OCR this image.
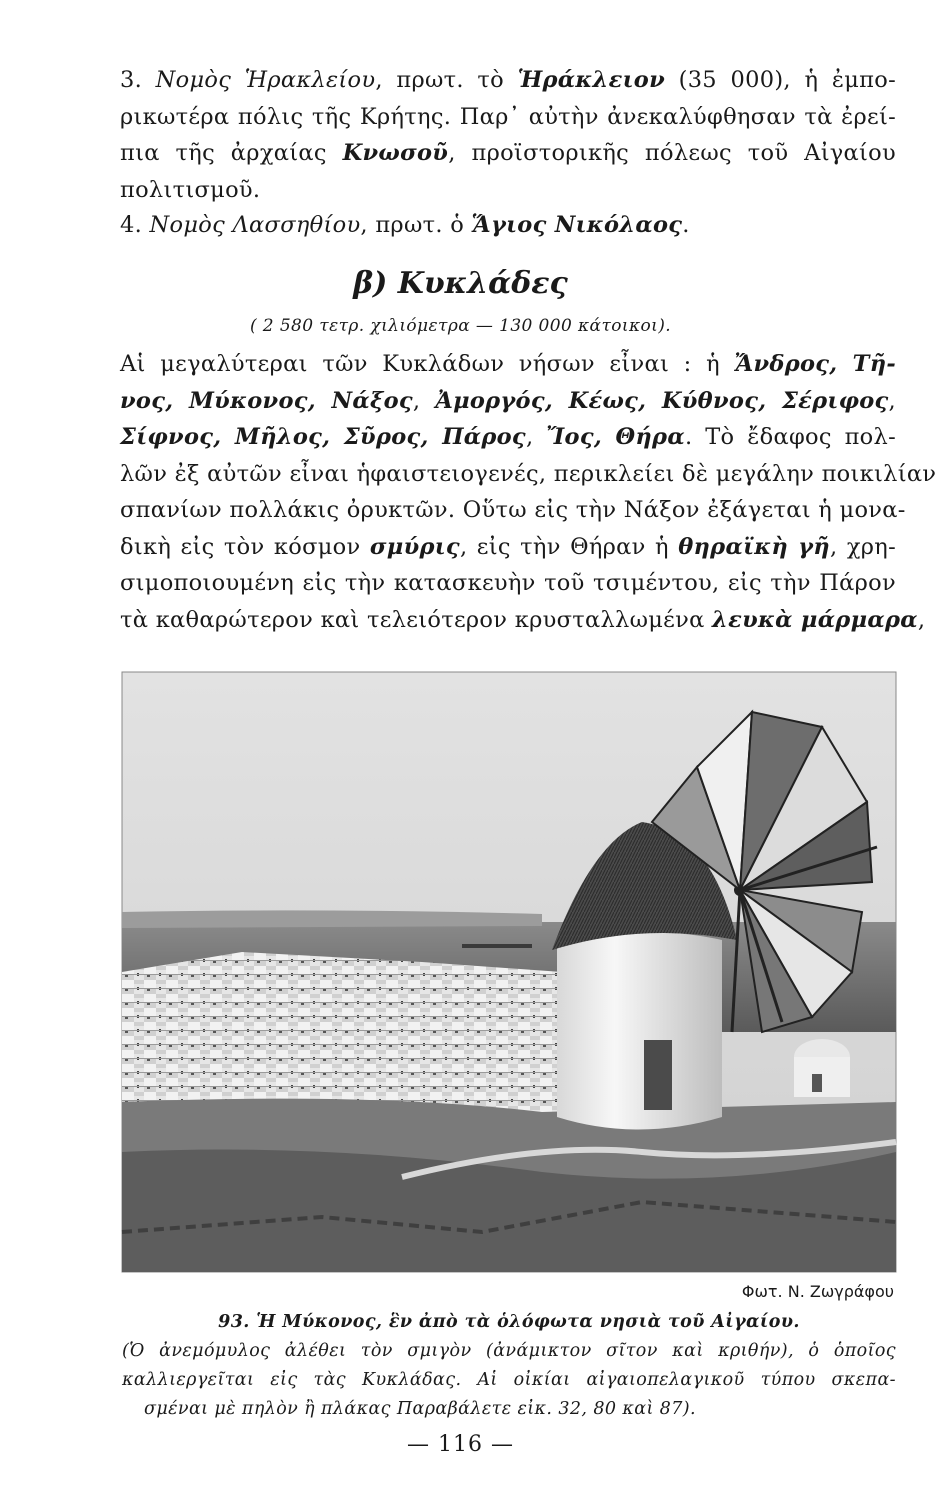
3. Νομὸς Ἡρακλείου, πρωτ. τὸ Ἡράκλειον (35 000), ἡ ἐμπο-
ρικωτέρα πόλις τῆς Κρήτης. Παρ᾿ αὐτὴν ἀνεκαλύφθησαν τὰ ἐρεί-
πια τῆς ἀρχαίας Κνωσοῦ, προϊστορικῆς πόλεως τοῦ Αἰγαίου
πολιτισμοῦ.
4. Νομὸς Λασσηθίου, πρωτ. ὁ Ἅγιος Νικόλαος.
β) Κυκλάδες
( 2 580 τετρ. χιλιόμετρα — 130 000 κάτοικοι).
Αἱ μεγαλύτεραι τῶν Κυκλάδων νήσων εἶναι : ἡ Ἄνδρος, Τῆ-
νος, Μύκονος, Νάξος, Ἀμοργός, Κέως, Κύθνος, Σέριφος,
Σίφνος, Μῆλος, Σῦρος, Πάρος, Ἴος, Θήρα. Τὸ ἔδαφος πολ-
λῶν ἐξ αὐτῶν εἶναι ἡφαιστειογενές, περικλείει δὲ μεγάλην ποικιλίαν
σπανίων πολλάκις ὀρυκτῶν. Οὕτω εἰς τὴν Νάξον ἐξάγεται ἡ μονα-
δικὴ εἰς τὸν κόσμον σμύρις, εἰς τὴν Θήραν ἡ θηραϊκὴ γῆ, χρη-
σιμοποιουμένη εἰς τὴν κατασκευὴν τοῦ τσιμέντου, εἰς τὴν Πάρον
τὰ καθαρώτερον καὶ τελειότερον κρυσταλλωμένα λευκὰ μάρμαρα,
Φωτ. Ν. Ζωγράφου
93. Ἡ Μύκονος, ἓν ἀπὸ τὰ ὁλόφωτα νησιὰ τοῦ Αἰγαίου.
(Ὁ ἀνεμόμυλος ἀλέθει τὸν σμιγὸν (ἀνάμικτον σῖτον καὶ κριθήν), ὁ ὁποῖος
καλλιεργεῖται εἰς τὰς Κυκλάδας. Αἱ οἰκίαι αἰγαιοπελαγικοῦ τύπου σκεπα-
σμέναι μὲ πηλὸν ἢ πλάκας Παραβάλετε εἰκ. 32, 80 καὶ 87).
— 116 —
